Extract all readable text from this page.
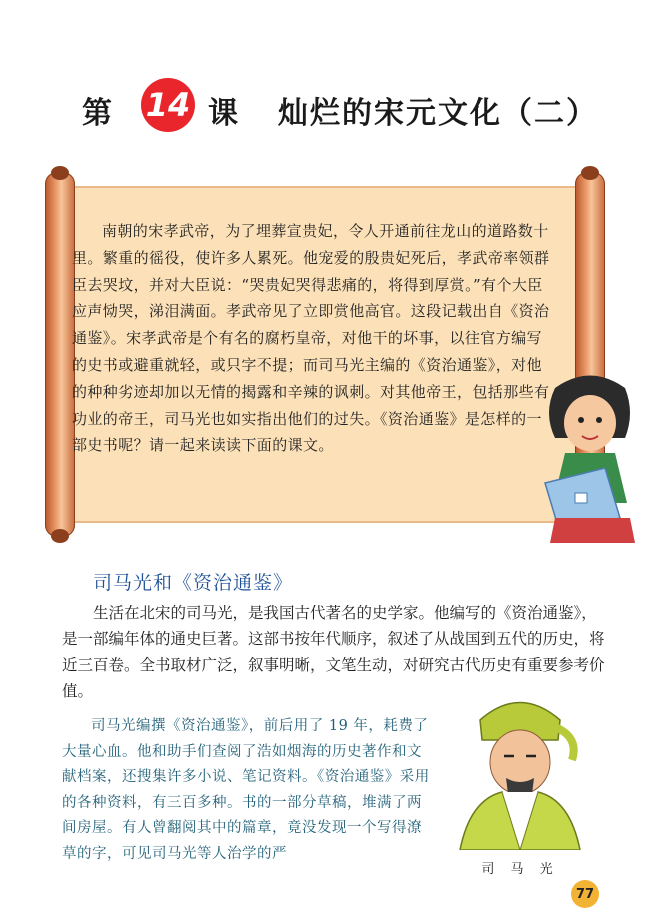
第 14 课 灿烂的宋元文化（二）
南朝的宋孝武帝，为了埋葬宣贵妃，令人开通前往龙山的道路数十里。繁重的徭役，使许多人累死。他宠爱的殷贵妃死后，孝武帝率领群臣去哭坟，并对大臣说：“哭贵妃哭得悲痛的，将得到厚赏。”有个大臣应声恸哭，涕泪满面。孝武帝见了立即赏他高官。这段记载出自《资治通鉴》。宋孝武帝是个有名的腐朽皇帝，对他干的坏事，以往官方编写的史书或避重就轻，或只字不提；而司马光主编的《资治通鉴》，对他的种种劣迹却加以无情的揭露和辛辣的讽刺。对其他帝王，包括那些有功业的帝王，司马光也如实指出他们的过失。《资治通鉴》是怎样的一部史书呢？请一起来读读下面的课文。
司马光和《资治通鉴》
生活在北宋的司马光，是我国古代著名的史学家。他编写的《资治通鉴》，是一部编年体的通史巨著。这部书按年代顺序，叙述了从战国到五代的历史，将近三百卷。全书取材广泛，叙事明晰，文笔生动，对研究古代历史有重要参考价值。
司马光编撰《资治通鉴》，前后用了 19 年，耗费了大量心血。他和助手们查阅了浩如烟海的历史著作和文献档案，还搜集许多小说、笔记资料。《资治通鉴》采用的各种资料，有三百多种。书的一部分草稿，堆满了两间房屋。有人曾翻阅其中的篇章，竟没发现一个写得潦草的字，可见司马光等人治学的严
司 马 光
77
